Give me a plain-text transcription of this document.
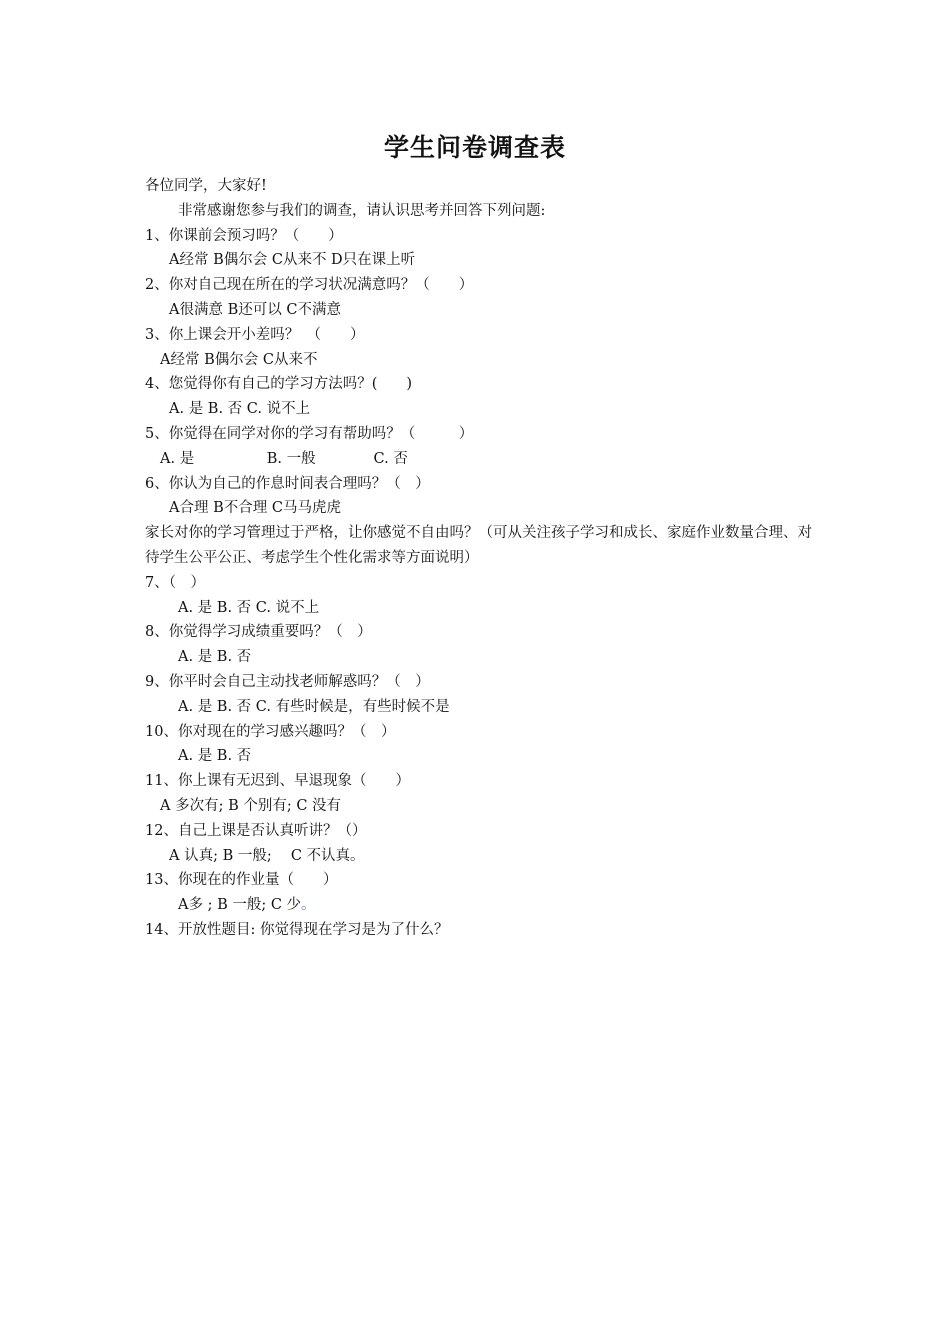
学生问卷调查表
各位同学，大家好!
非常感谢您参与我们的调查，请认识思考并回答下列问题:
1、你课前会预习吗？（　　）
A经常 B偶尔会 C从来不 D只在课上听
2、你对自己现在所在的学习状况满意吗？（　　）
A很满意 B还可以 C不满意
3、你上课会开小差吗？　（　　）
A经常 B偶尔会 C从来不
4、您觉得你有自己的学习方法吗？(　　)
A. 是 B. 否 C. 说不上
5、你觉得在同学对你的学习有帮助吗？（　　　）
A. 是　　　　　B. 一般　　　　C. 否
6、你认为自己的作息时间表合理吗？（　）
A合理 B不合理 C马马虎虎
家长对你的学习管理过于严格，让你感觉不自由吗？（可从关注孩子学习和成长、家庭作业数量合理、对待学生公平公正、考虑学生个性化需求等方面说明）
7、（　）
A. 是 B. 否 C. 说不上
8、你觉得学习成绩重要吗？（　）
A. 是 B. 否
9、你平时会自己主动找老师解惑吗？（　）
A. 是 B. 否 C. 有些时候是，有些时候不是
10、你对现在的学习感兴趣吗？（　）
A. 是 B. 否
11、你上课有无迟到、早退现象（　　）
A 多次有; B 个别有; C 没有
12、自己上课是否认真听讲？（）
A 认真; B 一般;　 C 不认真。
13、你现在的作业量（　　）
A多 ; B 一般; C 少。
14、开放性题目: 你觉得现在学习是为了什么？
